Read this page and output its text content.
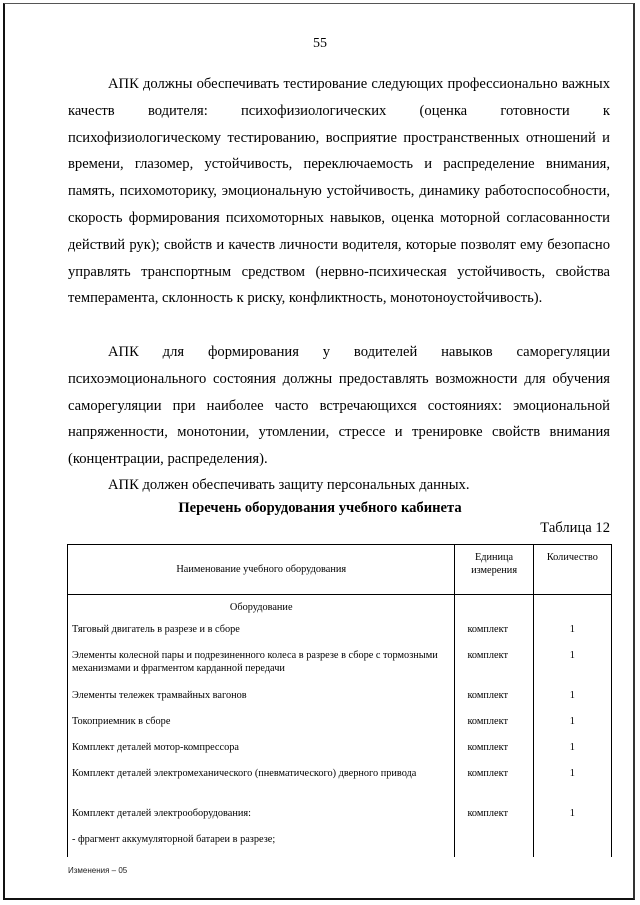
55

АПК должны обеспечивать тестирование следующих профессионально важных качеств водителя: психофизиологических (оценка готовности к психофизиологическому тестированию, восприятие пространственных отношений и времени, глазомер, устойчивость, переключаемость и распределение внимания, память, психомоторику, эмоциональную устойчивость, динамику работоспособности, скорость формирования психомоторных навыков, оценка моторной согласованности действий рук); свойств и качеств личности водителя, которые позволят ему безопасно управлять транспортным средством (нервно-психическая устойчивость, свойства темперамента, склонность к риску, конфликтность, монотоноустойчивость).

АПК для формирования у водителей навыков саморегуляции психоэмоционального состояния должны предоставлять возможности для обучения саморегуляции при наиболее часто встречающихся состояниях: эмоциональной напряженности, монотонии, утомлении, стрессе и тренировке свойств внимания (концентрации, распределения).

АПК должен обеспечивать защиту персональных данных.

Перечень оборудования учебного кабинета
Таблица 12
Наименование учебного оборудования	Единица измерения	Количество
Оборудование		
Тяговый двигатель в разрезе и в сборе	комплект	1
Элементы колесной пары и подрезиненного колеса в разрезе в сборе с тормозными механизмами и фрагментом карданной передачи	комплект	1
Элементы тележек трамвайных вагонов	комплект	1
Токоприемник в сборе	комплект	1
Комплект деталей мотор-компрессора	комплект	1
Комплект деталей электромеханического (пневматического) дверного привода	комплект	1
Комплект деталей электрооборудования:	комплект	1
- фрагмент аккумуляторной батареи в разрезе;		
Изменения – 05
